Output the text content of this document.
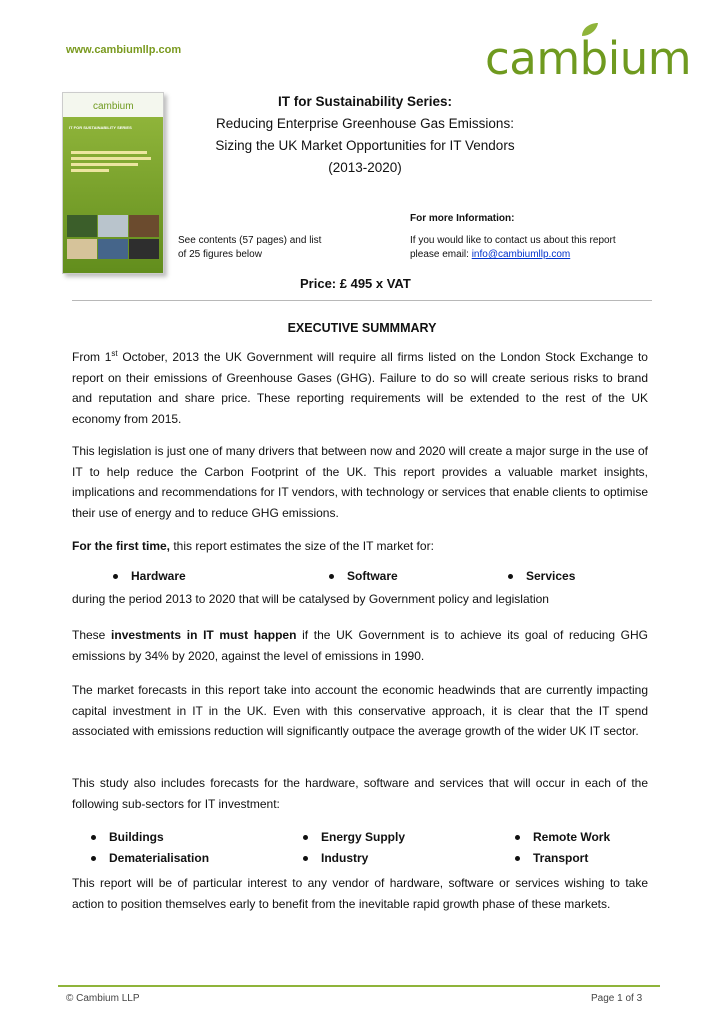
www.cambiumllp.com	cambium
cambium
IT FOR SUSTAINABILITY SERIES
IT for Sustainability Series:
Reducing Enterprise Greenhouse Gas Emissions:
Sizing the UK Market Opportunities for IT Vendors
(2013-2020)
See contents (57 pages) and list
of 25 figures below
For more Information:
If you would like to contact us about this report
please email: info@cambiumllp.com
Price: £ 495 x VAT
EXECUTIVE SUMMMARY
From 1st October, 2013 the UK Government will require all firms listed on the London Stock Exchange to report on their emissions of Greenhouse Gases (GHG). Failure to do so will create serious risks to brand and reputation and share price. These reporting requirements will be extended to the rest of the UK economy from 2015.
This legislation is just one of many drivers that between now and 2020 will create a major surge in the use of IT to help reduce the Carbon Footprint of the UK. This report provides a valuable market insights, implications and recommendations for IT vendors, with technology or services that enable clients to optimise their use of energy and to reduce GHG emissions.
For the first time, this report estimates the size of the IT market for:
Hardware	Software	Services
during the period 2013 to 2020 that will be catalysed by Government policy and legislation
These investments in IT must happen if the UK Government is to achieve its goal of reducing GHG emissions by 34% by 2020, against the level of emissions in 1990.
The market forecasts in this report take into account the economic headwinds that are currently impacting capital investment in IT in the UK. Even with this conservative approach, it is clear that the IT spend associated with emissions reduction will significantly outpace the average growth of the wider UK IT sector.
This study also includes forecasts for the hardware, software and services that will occur in each of the following sub-sectors for IT investment:
Buildings	Energy Supply	Remote Work
Dematerialisation	Industry	Transport
This report will be of particular interest to any vendor of hardware, software or services wishing to take action to position themselves early to benefit from the inevitable rapid growth phase of these markets.
© Cambium LLP	Page 1 of 3
